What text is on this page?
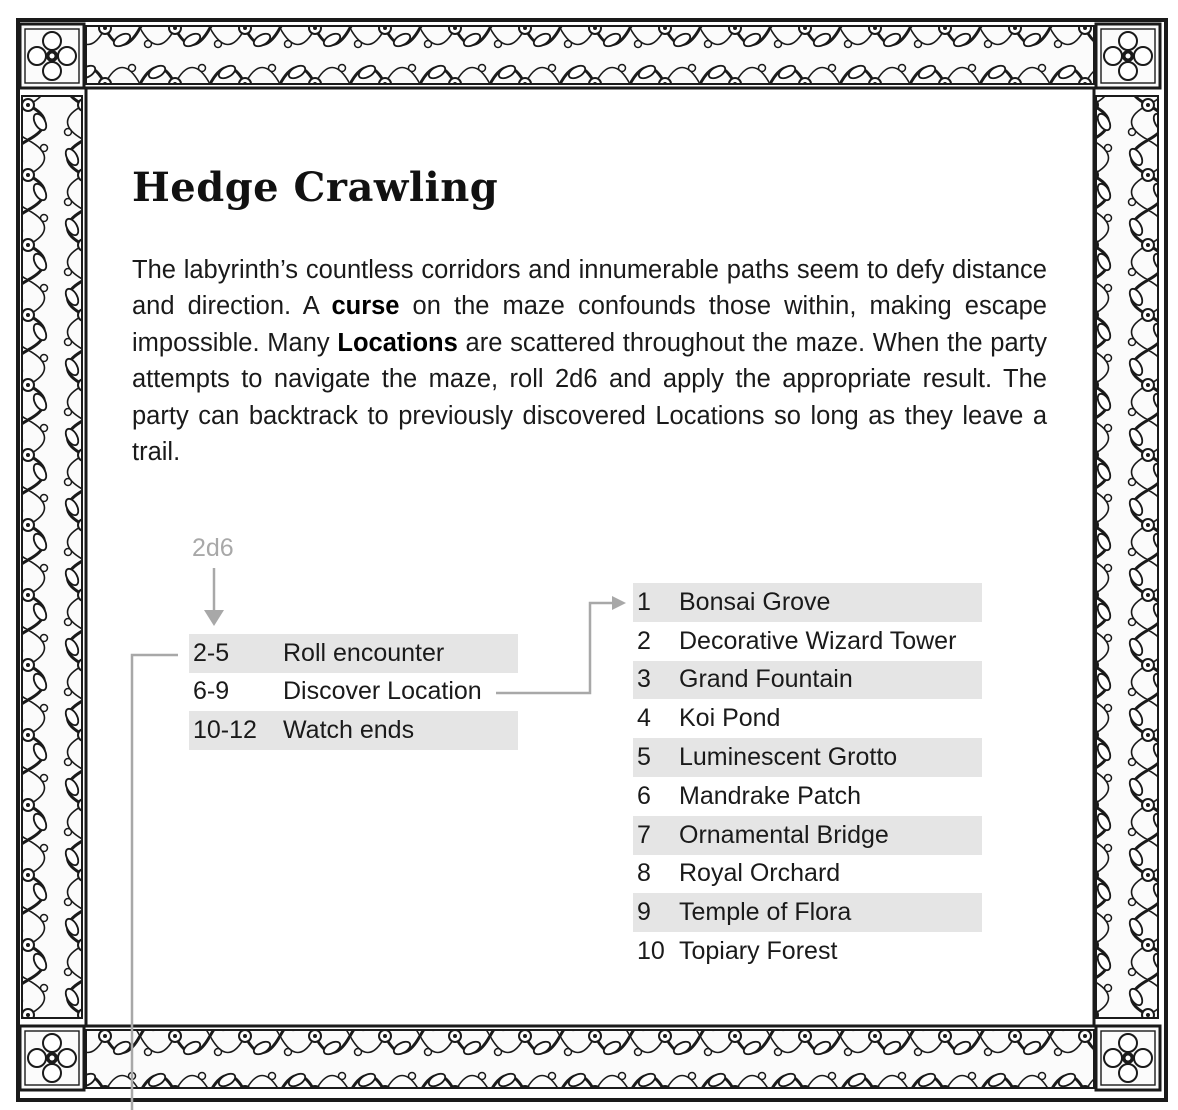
Hedge Crawling

The labyrinth’s countless corridors and innumerable paths seem to defy distance and direction. A curse on the maze confounds those within, making escape impossible. Many Locations are scattered throughout the maze. When the party attempts to navigate the maze, roll 2d6 and apply the appropriate result. The party can backtrack to previously discovered Locations so long as they leave a trail.

2d6
2-5	Roll encounter
6-9	Discover Location
10-12	Watch ends
1	Bonsai Grove
2	Decorative Wizard Tower
3	Grand Fountain
4	Koi Pond
5	Luminescent Grotto
6	Mandrake Patch
7	Ornamental Bridge
8	Royal Orchard
9	Temple of Flora
10	Topiary Forest
